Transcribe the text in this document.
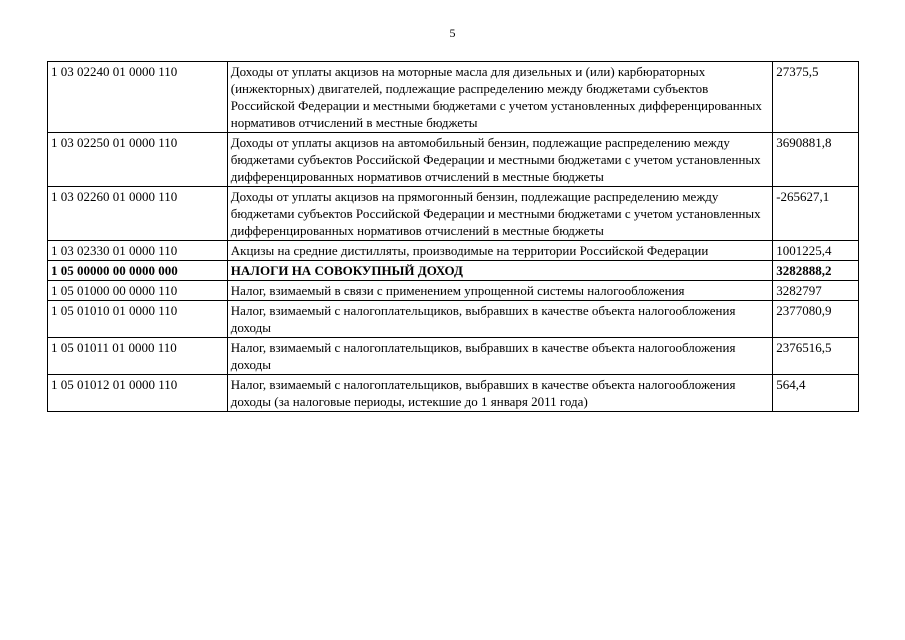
5
1 03 02240 01 0000 110	Доходы от уплаты акцизов на моторные масла для дизельных и (или) карбюраторных (инжекторных) двигателей, подлежащие распределению между бюджетами субъектов Российской Федерации и местными бюджетами с учетом установленных дифференцированных нормативов отчислений в местные бюджеты	27375,5
1 03 02250 01 0000 110	Доходы от уплаты акцизов на автомобильный бензин, подлежащие распределению между бюджетами субъектов Российской Федерации и местными бюджетами с учетом установленных дифференцированных нормативов отчислений в местные бюджеты	3690881,8
1 03 02260 01 0000 110	Доходы от уплаты акцизов на прямогонный бензин, подлежащие распределению между бюджетами субъектов Российской Федерации и местными бюджетами с учетом установленных дифференцированных нормативов отчислений в местные бюджеты	-265627,1
1 03 02330 01 0000 110	Акцизы на средние дистилляты, производимые на территории Российской Федерации	1001225,4
1 05 00000 00 0000 000	НАЛОГИ НА СОВОКУПНЫЙ ДОХОД	3282888,2
1 05 01000 00 0000 110	Налог, взимаемый в связи с применением упрощенной системы налогообложения	3282797
1 05 01010 01 0000 110	Налог, взимаемый с налогоплательщиков, выбравших в качестве объекта налогообложения доходы	2377080,9
1 05 01011 01 0000 110	Налог, взимаемый с налогоплательщиков, выбравших в качестве объекта налогообложения доходы	2376516,5
1 05 01012 01 0000 110	Налог, взимаемый с налогоплательщиков, выбравших в качестве объекта налогообложения доходы (за налоговые периоды, истекшие до 1 января 2011 года)	564,4
